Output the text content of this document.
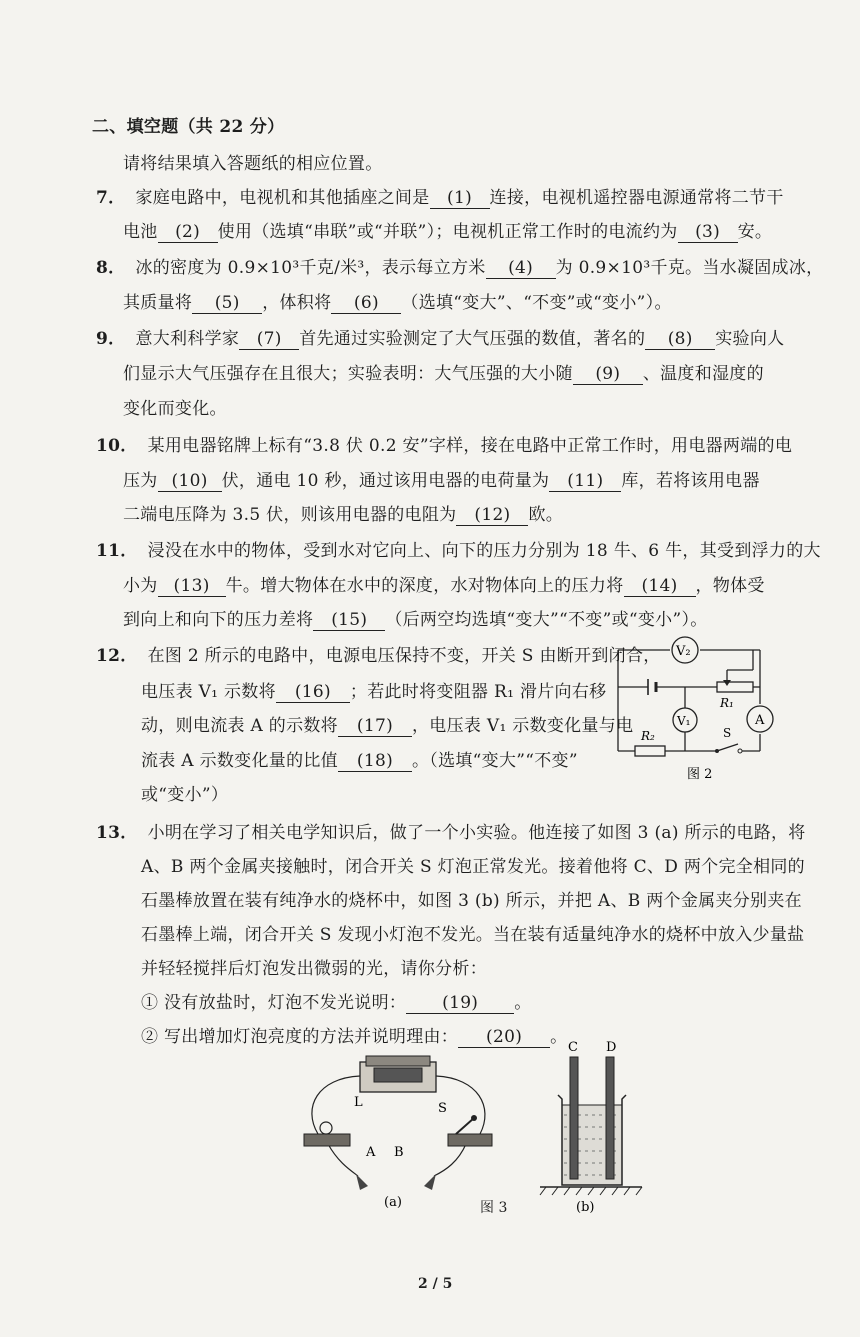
二、填空题（共 22 分）
请将结果填入答题纸的相应位置。
7． 家庭电路中，电视机和其他插座之间是 (1) 连接，电视机遥控器电源通常将二节干
电池 (2) 使用（选填“串联”或“并联”）；电视机正常工作时的电流约为 (3) 安。
8． 冰的密度为 0.9×10³千克/米³，表示每立方米 (4) 为 0.9×10³千克。当水凝固成冰，
其质量将 (5) ，体积将 (6) （选填“变大”、“不变”或“变小”）。
9． 意大利科学家 (7) 首先通过实验测定了大气压强的数值，著名的 (8) 实验向人
们显示大气压强存在且很大；实验表明：大气压强的大小随 (9) 、温度和湿度的
变化而变化。
10． 某用电器铭牌上标有“3.8 伏 0.2 安”字样，接在电路中正常工作时，用电器两端的电
压为 (10) 伏，通电 10 秒，通过该用电器的电荷量为 (11) 库，若将该用电器
二端电压降为 3.5 伏，则该用电器的电阻为 (12) 欧。
11． 浸没在水中的物体，受到水对它向上、向下的压力分别为 18 牛、6 牛，其受到浮力的大
小为 (13) 牛。增大物体在水中的深度，水对物体向上的压力将 (14) ，物体受
到向上和向下的压力差将 (15) （后两空均选填“变大”“不变”或“变小”）。
12． 在图 2 所示的电路中，电源电压保持不变，开关 S 由断开到闭合，
电压表 V₁ 示数将 (16) ；若此时将变阻器 R₁ 滑片向右移
动，则电流表 A 的示数将 (17) ，电压表 V₁ 示数变化量与电
流表 A 示数变化量的比值 (18) 。（选填“变大”“不变”
或“变小”）
V₂
V₁	A
R₁
R₂	S
图 2
13． 小明在学习了相关电学知识后，做了一个小实验。他连接了如图 3 (a) 所示的电路，将
A、B 两个金属夹接触时，闭合开关 S 灯泡正常发光。接着他将 C、D 两个完全相同的
石墨棒放置在装有纯净水的烧杯中，如图 3 (b) 所示，并把 A、B 两个金属夹分别夹在
石墨棒上端，闭合开关 S 发现小灯泡不发光。当在装有适量纯净水的烧杯中放入少量盐
并轻轻搅拌后灯泡发出微弱的光，请你分析：
① 没有放盐时，灯泡不发光说明： (19) 。
② 写出增加灯泡亮度的方法并说明理由： (20) 。
L	S
A B
(a)	图 3
C D
(b)
2 / 5
